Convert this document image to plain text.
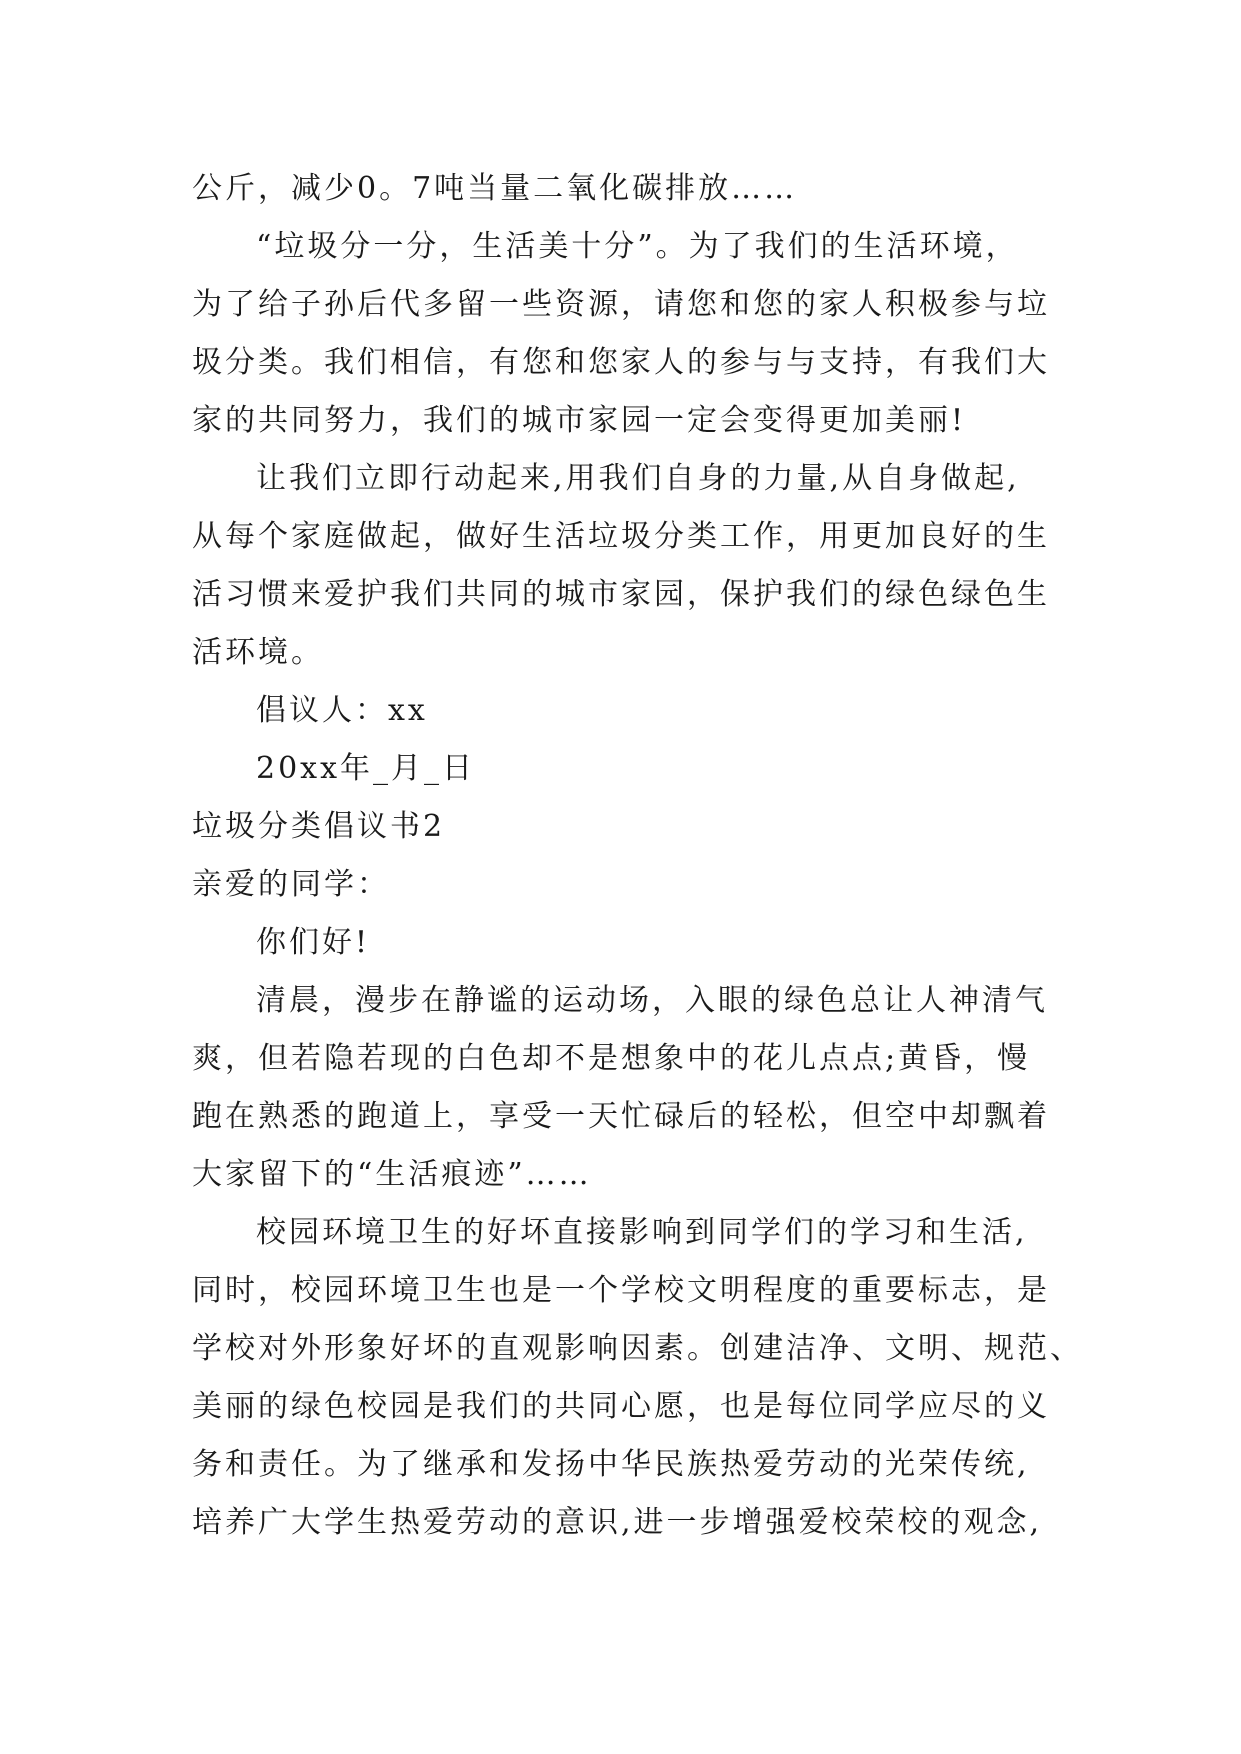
公斤，减少0。7吨当量二氧化碳排放……
“垃圾分一分，生活美十分”。为了我们的生活环境，
为了给子孙后代多留一些资源，请您和您的家人积极参与垃
圾分类。我们相信，有您和您家人的参与与支持，有我们大
家的共同努力，我们的城市家园一定会变得更加美丽!
让我们立即行动起来,用我们自身的力量,从自身做起,
从每个家庭做起，做好生活垃圾分类工作，用更加良好的生
活习惯来爱护我们共同的城市家园，保护我们的绿色绿色生
活环境。
倡议人：xx
20xx年_月_日
垃圾分类倡议书2
亲爱的同学：
你们好!
清晨，漫步在静谧的运动场，入眼的绿色总让人神清气
爽，但若隐若现的白色却不是想象中的花儿点点;黄昏，慢
跑在熟悉的跑道上，享受一天忙碌后的轻松，但空中却飘着
大家留下的“生活痕迹”……
校园环境卫生的好坏直接影响到同学们的学习和生活,
同时，校园环境卫生也是一个学校文明程度的重要标志，是
学校对外形象好坏的直观影响因素。创建洁净、文明、规范、
美丽的绿色校园是我们的共同心愿，也是每位同学应尽的义
务和责任。为了继承和发扬中华民族热爱劳动的光荣传统,
培养广大学生热爱劳动的意识,进一步增强爱校荣校的观念,
